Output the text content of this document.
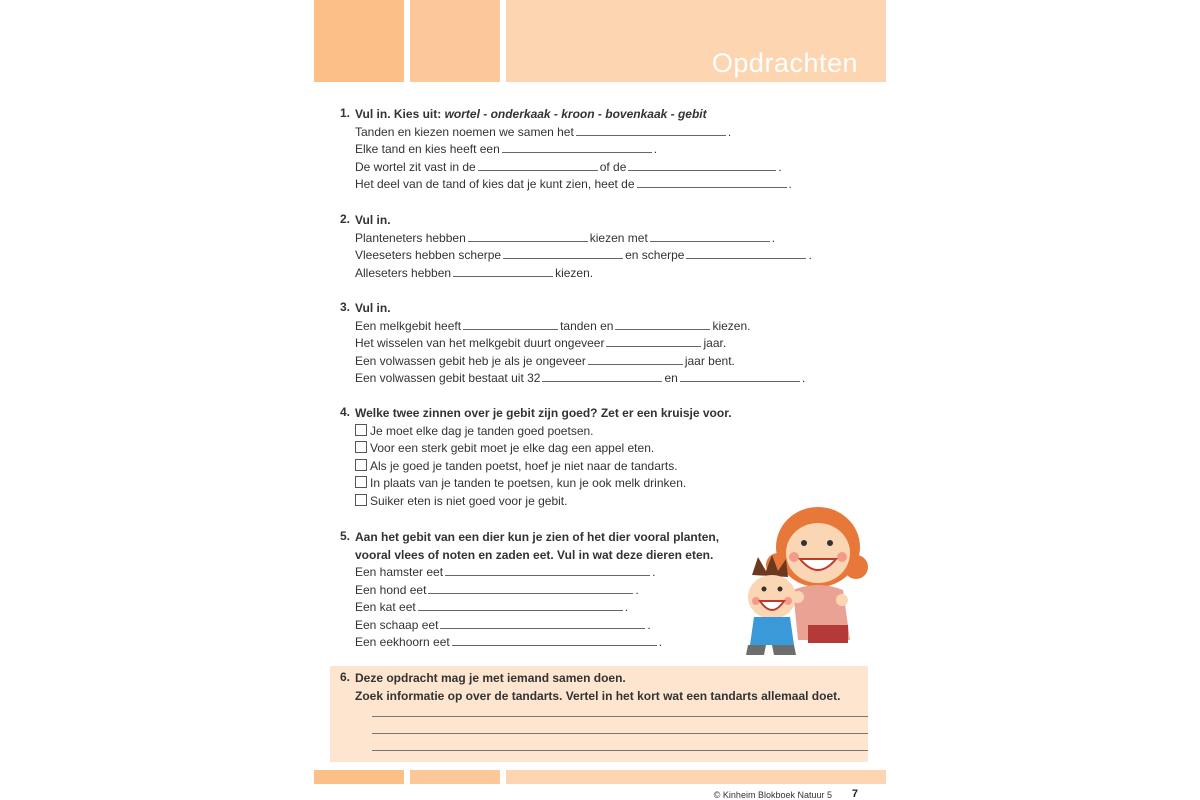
Opdrachten
1. Vul in. Kies uit: wortel - onderkaak - kroon - bovenkaak - gebit
Tanden en kiezen noemen we samen het	.
Elke tand en kies heeft een	.
De wortel zit vast in de	of de	.
Het deel van de tand of kies dat je kunt zien, heet de	.
2. Vul in.
Planteneters hebben	kiezen met	.
Vleeseters hebben scherpe	en scherpe	.
Alleseters hebben	kiezen.
3. Vul in.
Een melkgebit heeft	tanden en	kiezen.
Het wisselen van het melkgebit duurt ongeveer	jaar.
Een volwassen gebit heb je als je ongeveer	jaar bent.
Een volwassen gebit bestaat uit 32	en	.
4. Welke twee zinnen over je gebit zijn goed? Zet er een kruisje voor.
Je moet elke dag je tanden goed poetsen.
Voor een sterk gebit moet je elke dag een appel eten.
Als je goed je tanden poetst, hoef je niet naar de tandarts.
In plaats van je tanden te poetsen, kun je ook melk drinken.
Suiker eten is niet goed voor je gebit.
5. Aan het gebit van een dier kun je zien of het dier vooral planten,
vooral vlees of noten en zaden eet. Vul in wat deze dieren eten.
Een hamster eet	.
Een hond eet	.
Een kat eet	.
Een schaap eet	.
Een eekhoorn eet	.
6. Deze opdracht mag je met iemand samen doen.
Zoek informatie op over de tandarts. Vertel in het kort wat een tandarts allemaal doet.
© Kinheim Blokboek Natuur 5 7
